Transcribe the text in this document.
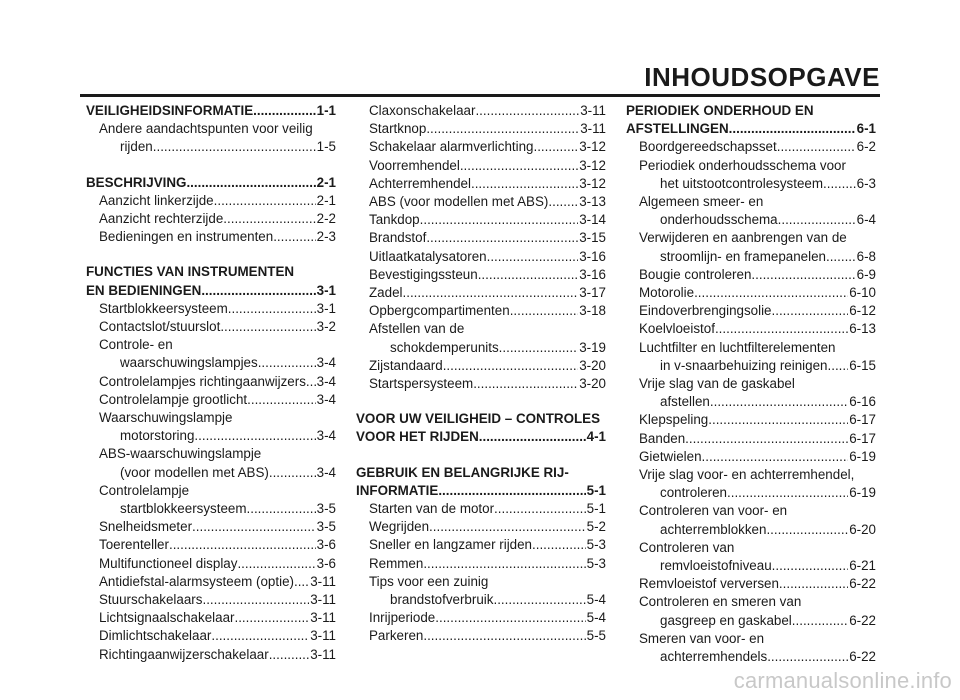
INHOUDSOPGAVE
VEILIGHEIDSINFORMATIE .....	1-1
Andere aandachtspunten voor veilig
rijden .....	1-5
BESCHRIJVING .....	2-1
Aanzicht linkerzijde .....	2-1
Aanzicht rechterzijde .....	2-2
Bedieningen en instrumenten .....	2-3
FUNCTIES VAN INSTRUMENTEN
EN BEDIENINGEN .....	3-1
Startblokkeersysteem .....	3-1
Contactslot/stuurslot .....	3-2
Controle- en
waarschuwingslampjes .....	3-4
Controlelampjes richtingaanwijzers ..... 3-4
Controlelampje grootlicht .....	3-4
Waarschuwingslampje
motorstoring .....	3-4
ABS-waarschuwingslampje
(voor modellen met ABS) .....	3-4
Controlelampje
startblokkeersysteem .....	3-5
Snelheidsmeter .....	3-5
Toerenteller .....	3-6
Multifunctioneel display .....	3-6
Antidiefstal-alarmsysteem (optie) ..... 3-11
Stuurschakelaars .....	3-11
Lichtsignaalschakelaar .....	3-11
Dimlichtschakelaar .....	3-11
Richtingaanwijzerschakelaar .....	3-11
Claxonschakelaar .....	3-11
Startknop .....	3-11
Schakelaar alarmverlichting .....	3-12
Voorremhendel .....	3-12
Achterremhendel .....	3-12
ABS (voor modellen met ABS) ..... 3-13
Tankdop .....	3-14
Brandstof .....	3-15
Uitlaatkatalysatoren .....	3-16
Bevestigingssteun .....	3-16
Zadel .....	3-17
Opbergcompartimenten .....	3-18
Afstellen van de
schokdemperunits .....	3-19
Zijstandaard .....	3-20
Startspersysteem .....	3-20
VOOR UW VEILIGHEID – CONTROLES
VOOR HET RIJDEN .....	4-1
GEBRUIK EN BELANGRIJKE RIJ-
INFORMATIE .....	5-1
Starten van de motor .....	5-1
Wegrijden .....	5-2
Sneller en langzamer rijden .....	5-3
Remmen .....	5-3
Tips voor een zuinig
brandstofverbruik .....	5-4
Inrijperiode .....	5-4
Parkeren .....	5-5
PERIODIEK ONDERHOUD EN
AFSTELLINGEN .....	6-1
Boordgereedschapsset .....	6-2
Periodiek onderhoudsschema voor
het uitstootcontrolesysteem .....	6-3
Algemeen smeer- en
onderhoudsschema .....	6-4
Verwijderen en aanbrengen van de
stroomlijn- en framepanelen ..... 6-8
Bougie controleren .....	6-9
Motorolie .....	6-10
Eindoverbrengingsolie .....	6-12
Koelvloeistof .....	6-13
Luchtfilter en luchtfilterelementen
in v-snaarbehuizing reinigen ..... 6-15
Vrije slag van de gaskabel
afstellen .....	6-16
Klepspeling .....	6-17
Banden .....	6-17
Gietwielen .....	6-19
Vrije slag voor- en achterremhendel,
controleren .....	6-19
Controleren van voor- en
achterremblokken .....	6-20
Controleren van
remvloeistofniveau .....	6-21
Remvloeistof verversen .....	6-22
Controleren en smeren van
gasgreep en gaskabel .....	6-22
Smeren van voor- en
achterremhendels .....	6-22
carmanualsonline.info
